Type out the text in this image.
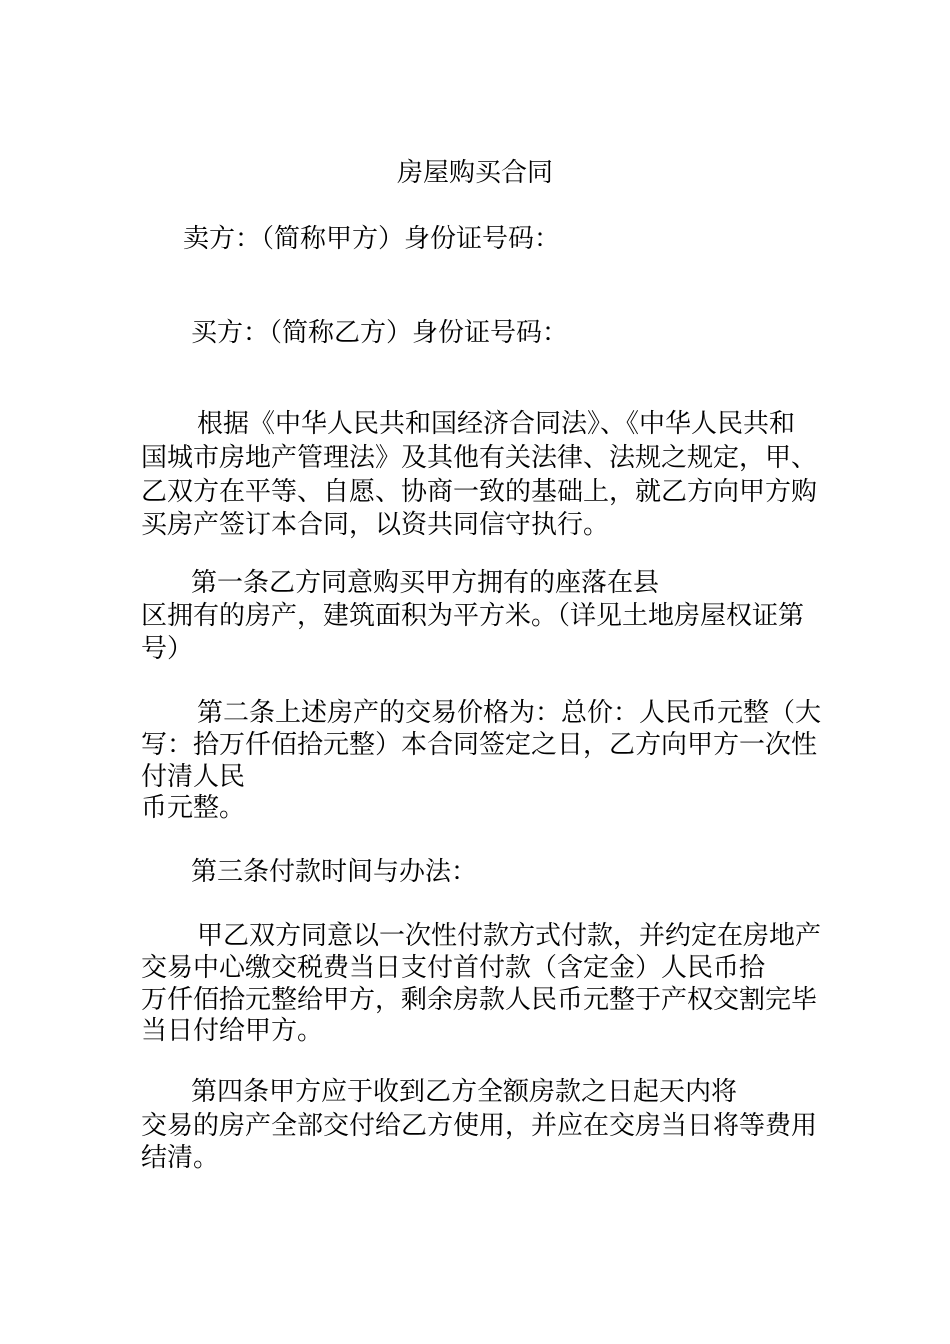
房屋购买合同
卖方：（简称甲方）身份证号码：
买方：（简称乙方）身份证号码：
根据《中华人民共和国经济合同法》、《中华人民共和
国城市房地产管理法》及其他有关法律、法规之规定，甲、
乙双方在平等、自愿、协商一致的基础上，就乙方向甲方购
买房产签订本合同，以资共同信守执行。
第一条乙方同意购买甲方拥有的座落在县
区拥有的房产，建筑面积为平方米。（详见土地房屋权证第
号）
第二条上述房产的交易价格为：总价：人民币元整（大
写：拾万仟佰拾元整）本合同签定之日，乙方向甲方一次性
付清人民
币元整。
第三条付款时间与办法：
甲乙双方同意以一次性付款方式付款，并约定在房地产
交易中心缴交税费当日支付首付款（含定金）人民币拾
万仟佰拾元整给甲方，剩余房款人民币元整于产权交割完毕
当日付给甲方。
第四条甲方应于收到乙方全额房款之日起天内将
交易的房产全部交付给乙方使用，并应在交房当日将等费用
结清。
